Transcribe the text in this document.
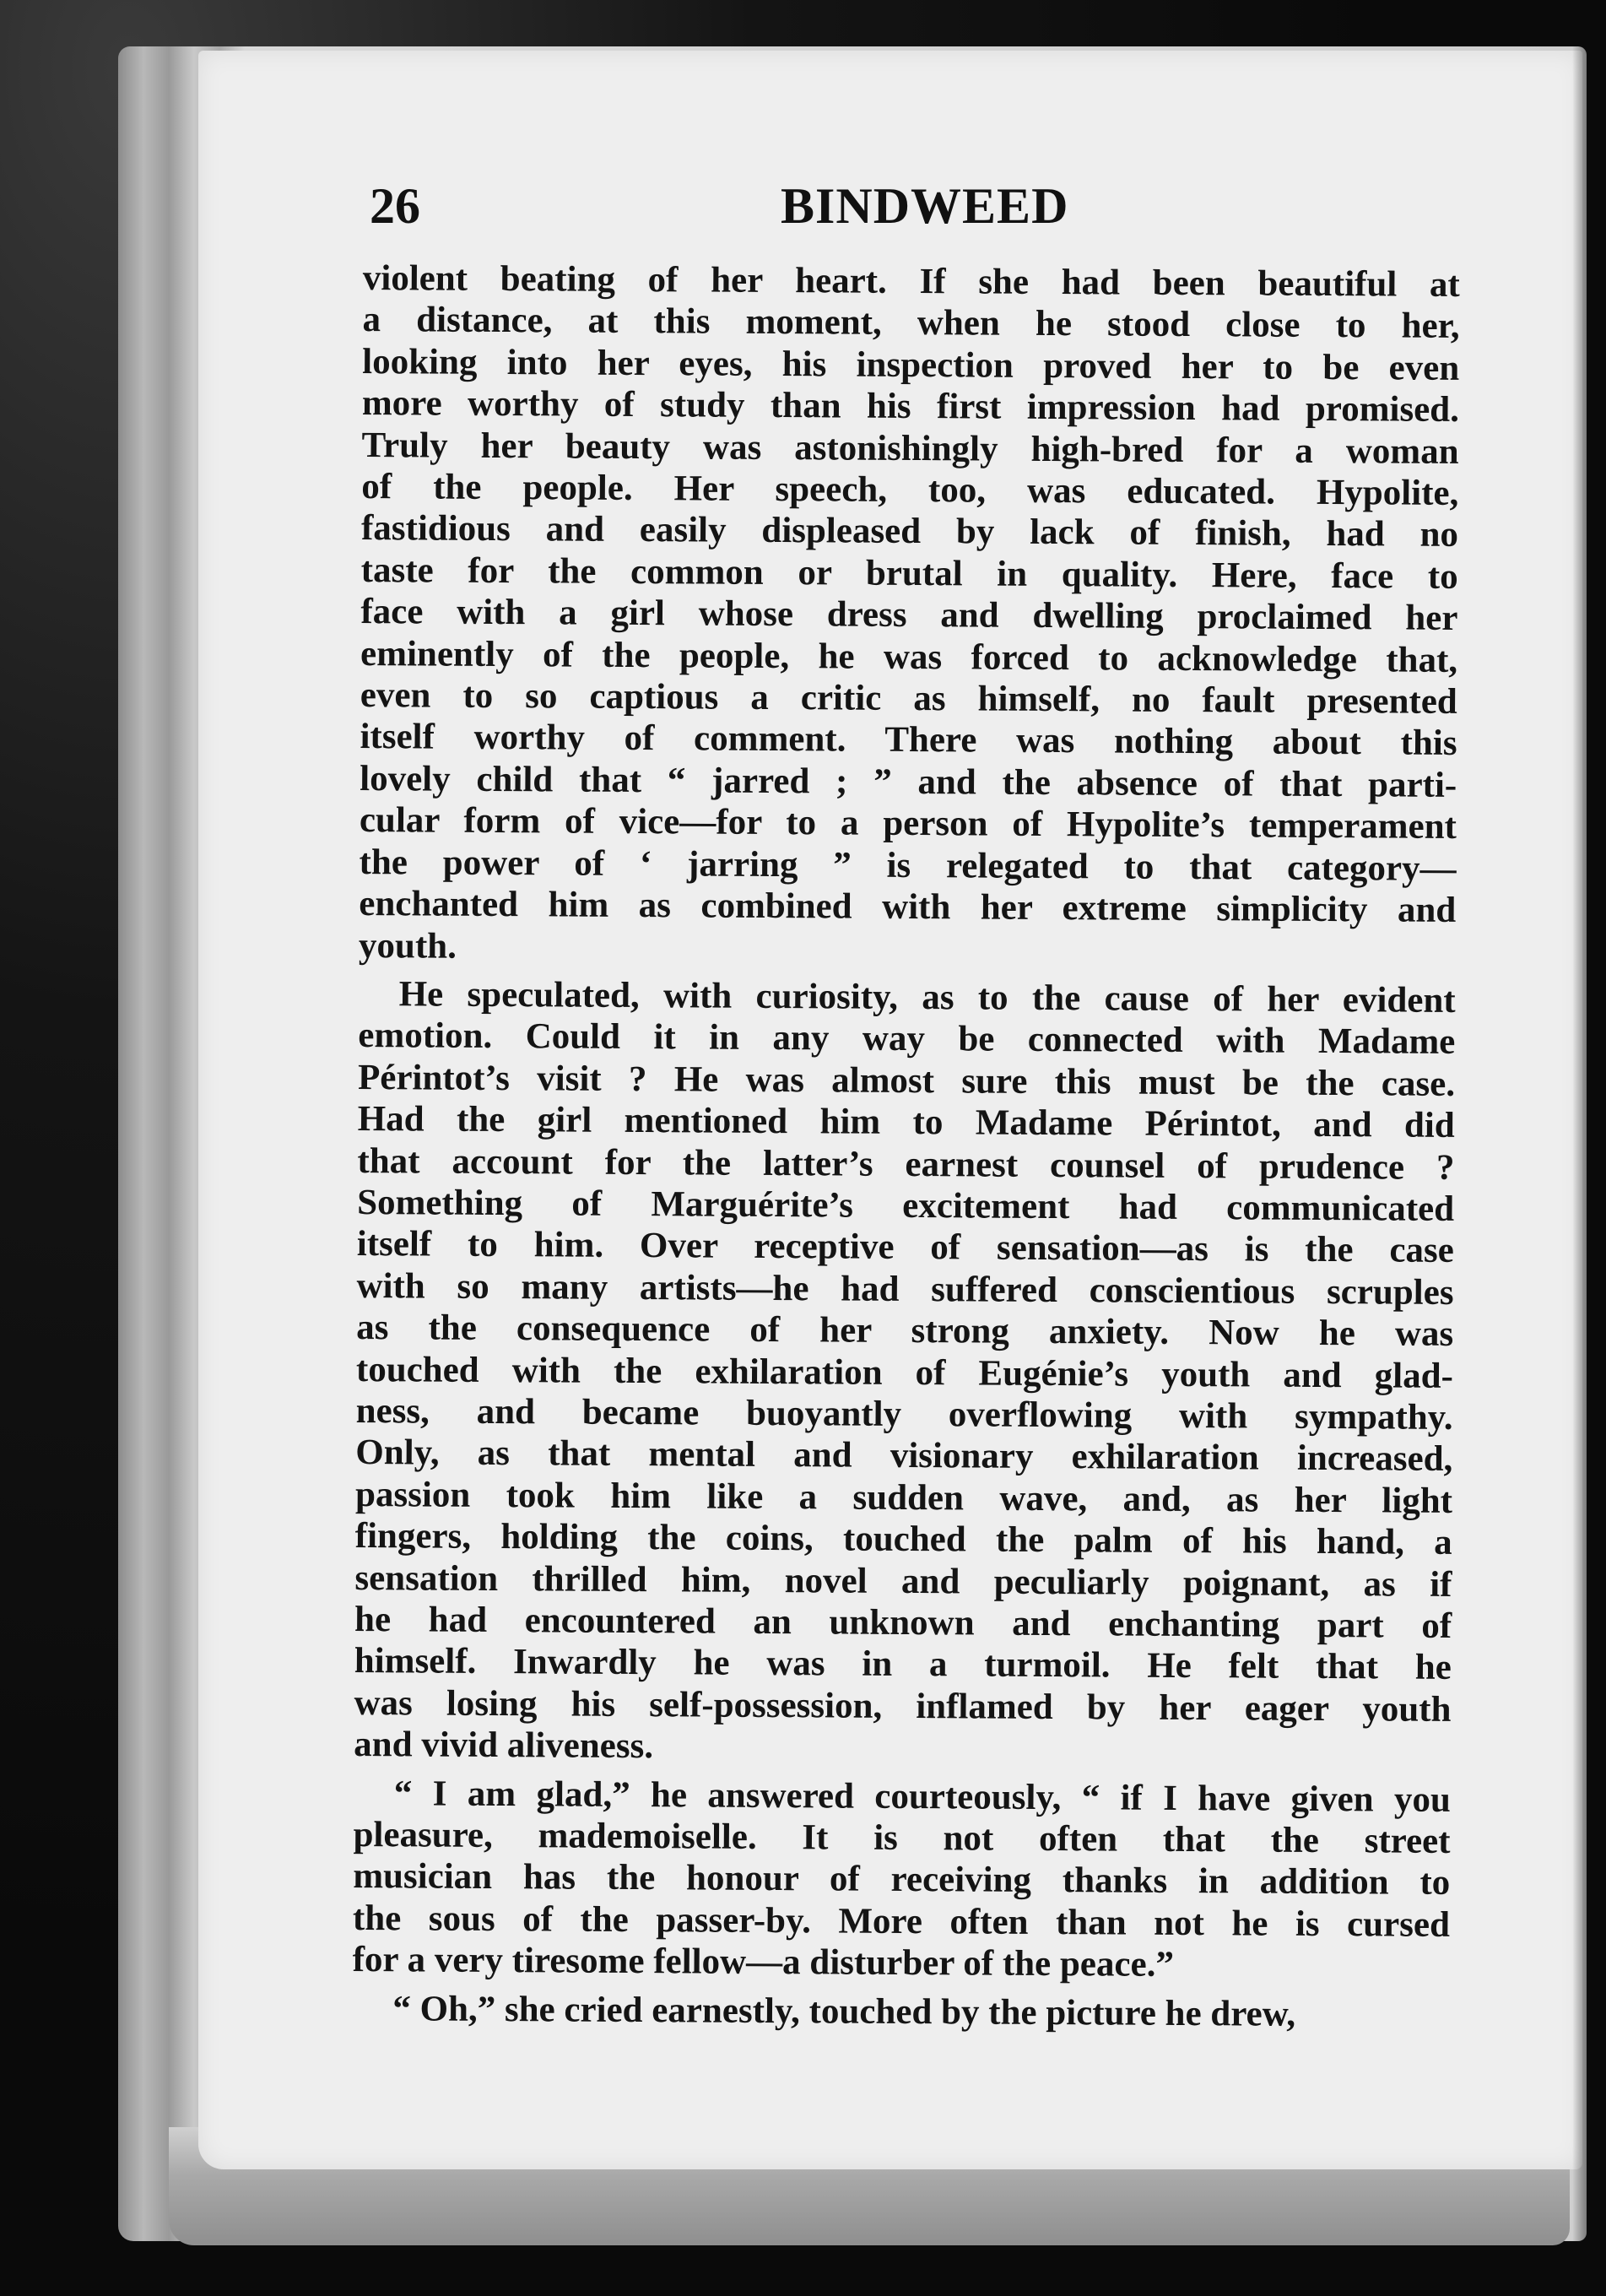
26	BINDWEED
violent beating of her heart. If she had been beautiful at
a distance, at this moment, when he stood close to her,
looking into her eyes, his inspection proved her to be even
more worthy of study than his first impression had promised.
Truly her beauty was astonishingly high-bred for a woman
of the people. Her speech, too, was educated. Hypolite,
fastidious and easily displeased by lack of finish, had no
taste for the common or brutal in quality. Here, face to
face with a girl whose dress and dwelling proclaimed her
eminently of the people, he was forced to acknowledge that,
even to so captious a critic as himself, no fault presented
itself worthy of comment. There was nothing about this
lovely child that “ jarred ; ” and the absence of that parti-
cular form of vice—for to a person of Hypolite’s temperament
the power of ‘ jarring ” is relegated to that category—
enchanted him as combined with her extreme simplicity and
youth.
He speculated, with curiosity, as to the cause of her evident
emotion. Could it in any way be connected with Madame
Périntot’s visit ? He was almost sure this must be the case.
Had the girl mentioned him to Madame Périntot, and did
that account for the latter’s earnest counsel of prudence ?
Something of Marguérite’s excitement had communicated
itself to him. Over receptive of sensation—as is the case
with so many artists—he had suffered conscientious scruples
as the consequence of her strong anxiety. Now he was
touched with the exhilaration of Eugénie’s youth and glad-
ness, and became buoyantly overflowing with sympathy.
Only, as that mental and visionary exhilaration increased,
passion took him like a sudden wave, and, as her light
fingers, holding the coins, touched the palm of his hand, a
sensation thrilled him, novel and peculiarly poignant, as if
he had encountered an unknown and enchanting part of
himself. Inwardly he was in a turmoil. He felt that he
was losing his self-possession, inflamed by her eager youth
and vivid aliveness.
“ I am glad,” he answered courteously, “ if I have given you
pleasure, mademoiselle. It is not often that the street
musician has the honour of receiving thanks in addition to
the sous of the passer-by. More often than not he is cursed
for a very tiresome fellow—a disturber of the peace.”
“ Oh,” she cried earnestly, touched by the picture he drew,
